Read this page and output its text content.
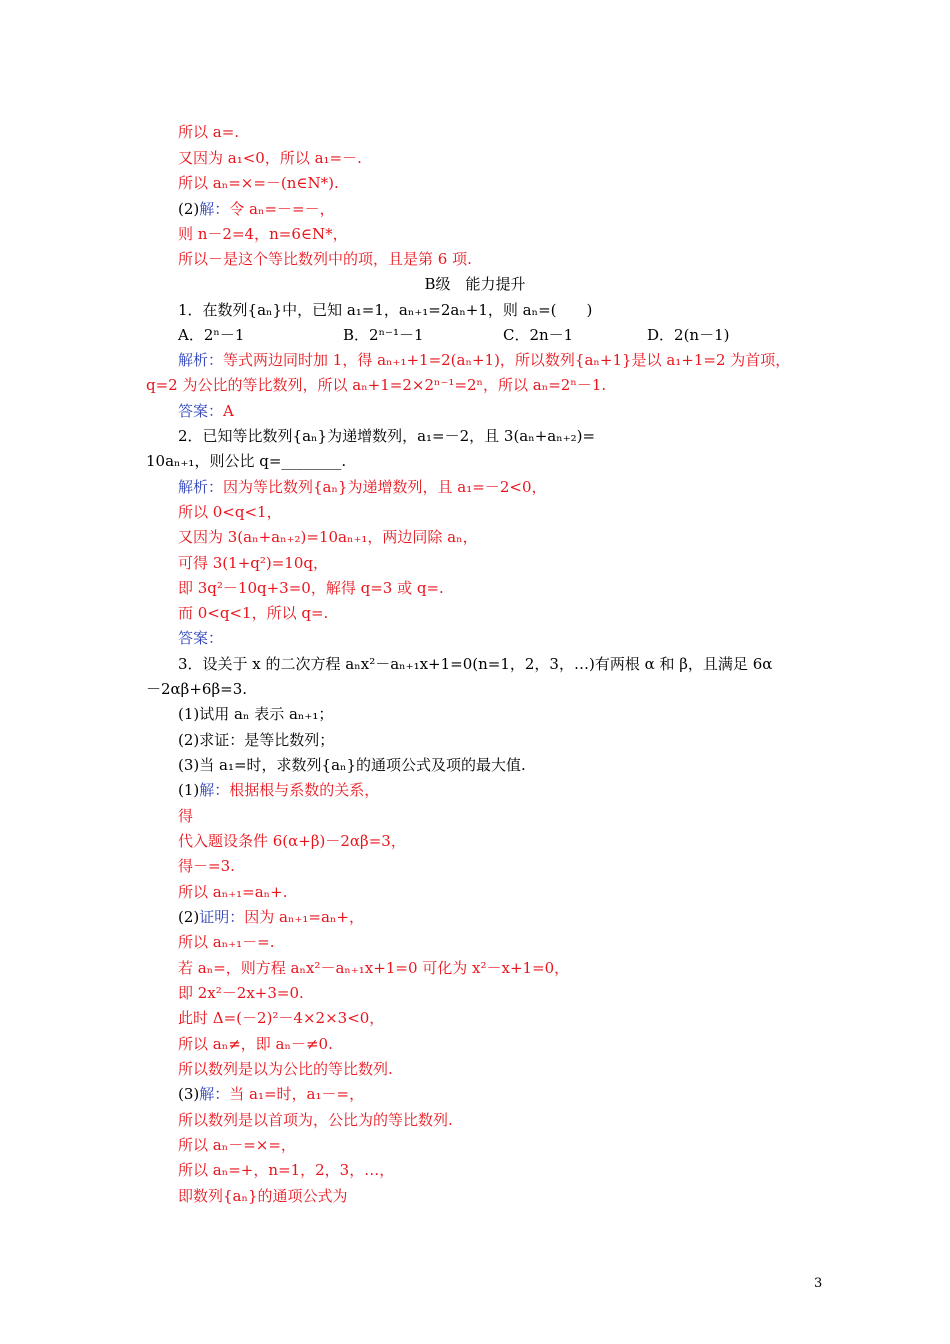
所以 a=.
又因为 a₁<0，所以 a₁=－.
所以 aₙ=×=－(n∈N*).
(2)解：令 aₙ=－=－，
则 n－2=4，n=6∈N*，
所以－是这个等比数列中的项，且是第 6 项.
B级　能力提升
1．在数列{aₙ}中，已知 a₁=1，aₙ₊₁=2aₙ+1，则 aₙ=(　　)
A．2ⁿ－1	B．2ⁿ⁻¹－1	C．2n－1	D．2(n－1)
解析：等式两边同时加 1，得 aₙ₊₁+1=2(aₙ+1)，所以数列{aₙ+1}是以 a₁+1=2 为首项，
q=2 为公比的等比数列，所以 aₙ+1=2×2ⁿ⁻¹=2ⁿ，所以 aₙ=2ⁿ－1.
答案：A
2．已知等比数列{aₙ}为递增数列，a₁=－2，且 3(aₙ+aₙ₊₂)=
10aₙ₊₁，则公比 q=________.
解析：因为等比数列{aₙ}为递增数列，且 a₁=－2<0，
所以 0<q<1，
又因为 3(aₙ+aₙ₊₂)=10aₙ₊₁，两边同除 aₙ，
可得 3(1+q²)=10q，
即 3q²－10q+3=0，解得 q=3 或 q=.
而 0<q<1，所以 q=.
答案：
3．设关于 x 的二次方程 aₙx²－aₙ₊₁x+1=0(n=1，2，3，…)有两根 α 和 β，且满足 6α
－2αβ+6β=3.
(1)试用 aₙ 表示 aₙ₊₁；
(2)求证：是等比数列；
(3)当 a₁=时，求数列{aₙ}的通项公式及项的最大值.
(1)解：根据根与系数的关系，
得
代入题设条件 6(α+β)－2αβ=3，
得－=3.
所以 aₙ₊₁=aₙ+.
(2)证明：因为 aₙ₊₁=aₙ+，
所以 aₙ₊₁－=.
若 aₙ=，则方程 aₙx²－aₙ₊₁x+1=0 可化为 x²－x+1=0，
即 2x²－2x+3=0.
此时 Δ=(－2)²－4×2×3<0，
所以 aₙ≠，即 aₙ－≠0.
所以数列是以为公比的等比数列.
(3)解：当 a₁=时，a₁－=，
所以数列是以首项为，公比为的等比数列.
所以 aₙ－=×=，
所以 aₙ=+，n=1，2，3，…，
即数列{aₙ}的通项公式为
3
